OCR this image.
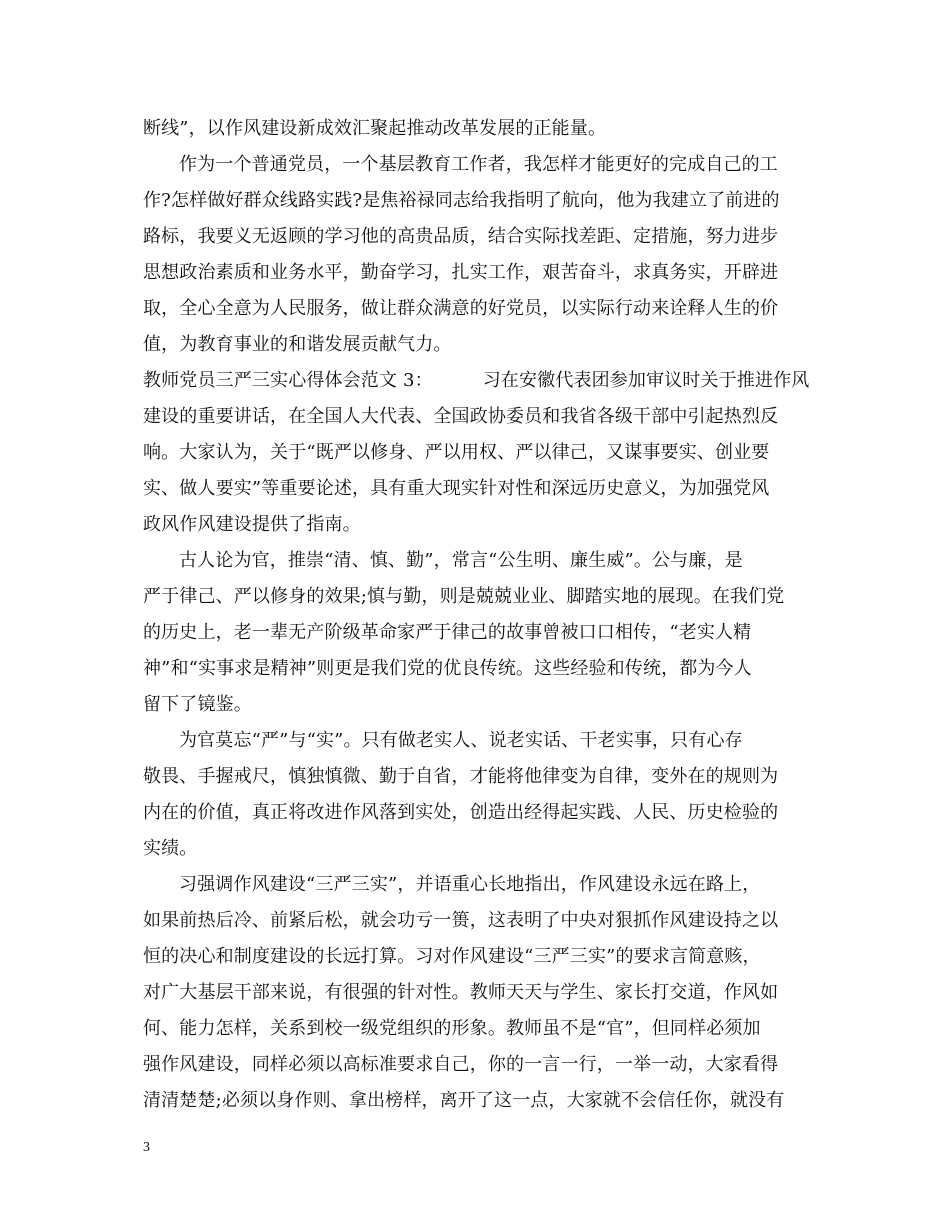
断线”，以作风建设新成效汇聚起推动改革发展的正能量。
作为一个普通党员，一个基层教育工作者，我怎样才能更好的完成自己的工
作?怎样做好群众线路实践?是焦裕禄同志给我指明了航向，他为我建立了前进的
路标，我要义无返顾的学习他的高贵品质，结合实际找差距、定措施，努力进步
思想政治素质和业务水平，勤奋学习，扎实工作，艰苦奋斗，求真务实，开辟进
取，全心全意为人民服务，做让群众满意的好党员，以实际行动来诠释人生的价
值，为教育事业的和谐发展贡献气力。
教师党员三严三实心得体会范文 3：	习在安徽代表团参加审议时关于推进作风
建设的重要讲话，在全国人大代表、全国政协委员和我省各级干部中引起热烈反
响。大家认为，关于“既严以修身、严以用权、严以律己，又谋事要实、创业要
实、做人要实”等重要论述，具有重大现实针对性和深远历史意义，为加强党风
政风作风建设提供了指南。
古人论为官，推崇“清、慎、勤”，常言“公生明、廉生威”。公与廉，是
严于律己、严以修身的效果;慎与勤，则是兢兢业业、脚踏实地的展现。在我们党
的历史上，老一辈无产阶级革命家严于律己的故事曾被口口相传，“老实人精
神”和“实事求是精神”则更是我们党的优良传统。这些经验和传统，都为今人
留下了镜鉴。
为官莫忘“严”与“实”。只有做老实人、说老实话、干老实事，只有心存
敬畏、手握戒尺，慎独慎微、勤于自省，才能将他律变为自律，变外在的规则为
内在的价值，真正将改进作风落到实处，创造出经得起实践、人民、历史检验的
实绩。
习强调作风建设“三严三实”，并语重心长地指出，作风建设永远在路上，
如果前热后冷、前紧后松，就会功亏一篑，这表明了中央对狠抓作风建设持之以
恒的决心和制度建设的长远打算。习对作风建设“三严三实”的要求言简意赅，
对广大基层干部来说，有很强的针对性。教师天天与学生、家长打交道，作风如
何、能力怎样，关系到校一级党组织的形象。教师虽不是“官”，但同样必须加
强作风建设，同样必须以高标准要求自己，你的一言一行，一举一动，大家看得
清清楚楚;必须以身作则、拿出榜样，离开了这一点，大家就不会信任你，就没有
3
